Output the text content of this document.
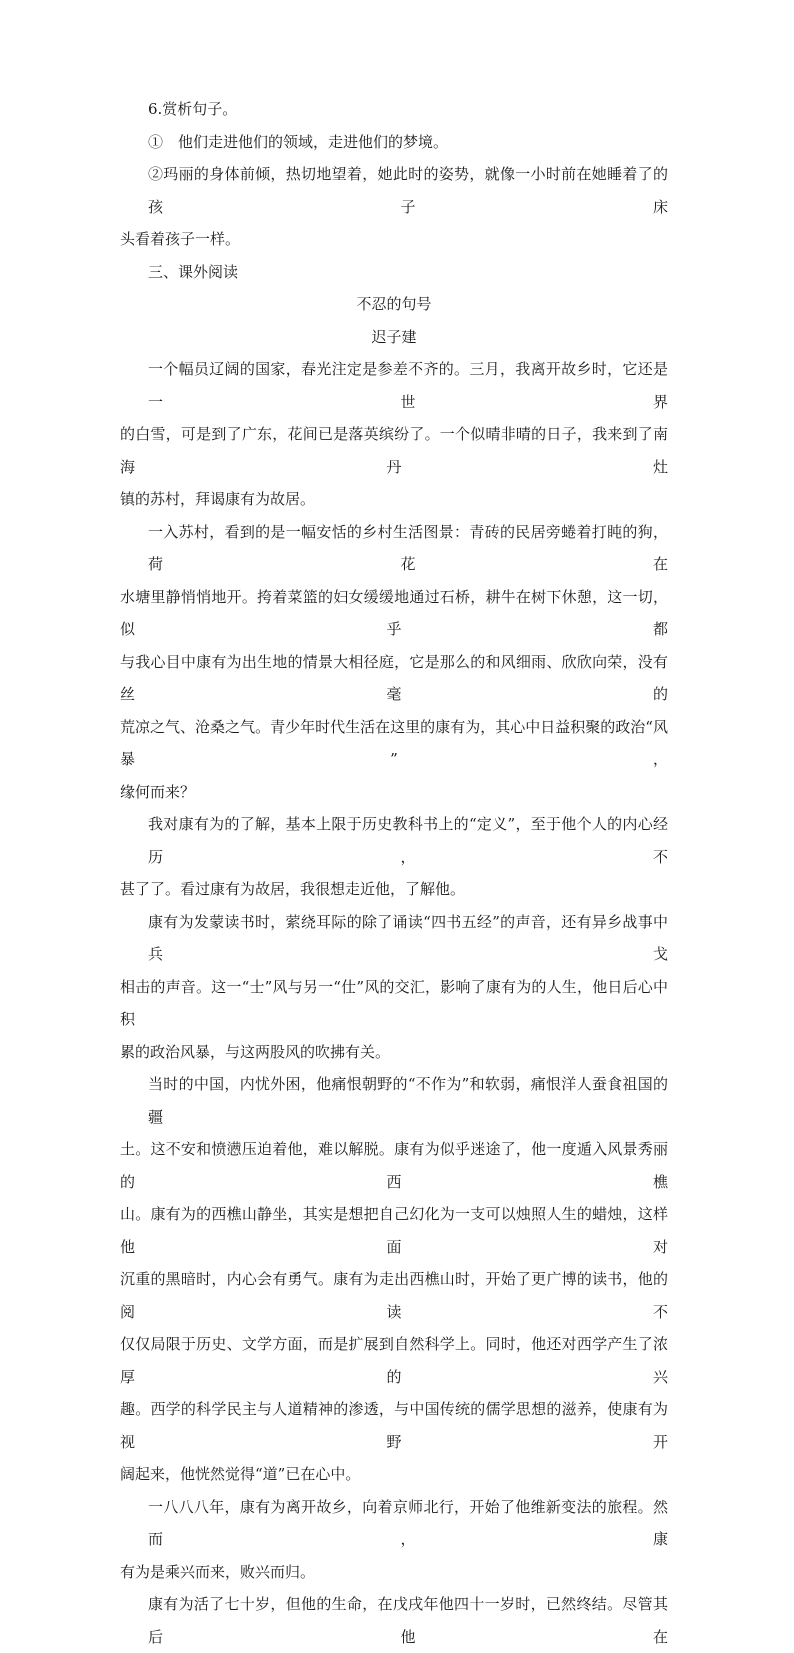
6.赏析句子。

①　他们走进他们的领域，走进他们的梦境。

②玛丽的身体前倾，热切地望着，她此时的姿势，就像一小时前在她睡着了的孩子床

头看着孩子一样。

三、课外阅读

不忍的句号

迟子建

一个幅员辽阔的国家，春光注定是参差不齐的。三月，我离开故乡时，它还是一世界

的白雪，可是到了广东，花间已是落英缤纷了。一个似晴非晴的日子，我来到了南海丹灶

镇的苏村，拜谒康有为故居。

一入苏村，看到的是一幅安恬的乡村生活图景：青砖的民居旁蜷着打盹的狗，荷花在

水塘里静悄悄地开。挎着菜篮的妇女缓缓地通过石桥，耕牛在树下休憩，这一切，似乎都

与我心目中康有为出生地的情景大相径庭，它是那么的和风细雨、欣欣向荣，没有丝毫的

荒凉之气、沧桑之气。青少年时代生活在这里的康有为，其心中日益积聚的政治“风暴”，

缘何而来？

我对康有为的了解，基本上限于历史教科书上的“定义”，至于他个人的内心经历，不

甚了了。看过康有为故居，我很想走近他，了解他。

康有为发蒙读书时，萦绕耳际的除了诵读“四书五经”的声音，还有异乡战事中兵戈

相击的声音。这一“士”风与另一“仕”风的交汇，影响了康有为的人生，他日后心中积

累的政治风暴，与这两股风的吹拂有关。

当时的中国，内忧外困，他痛恨朝野的“不作为”和软弱，痛恨洋人蚕食祖国的疆

土。这不安和愤懑压迫着他，难以解脱。康有为似乎迷途了，他一度遁入风景秀丽的西樵

山。康有为的西樵山静坐，其实是想把自己幻化为一支可以烛照人生的蜡烛，这样他面对

沉重的黑暗时，内心会有勇气。康有为走出西樵山时，开始了更广博的读书，他的阅读不

仅仅局限于历史、文学方面，而是扩展到自然科学上。同时，他还对西学产生了浓厚的兴

趣。西学的科学民主与人道精神的渗透，与中国传统的儒学思想的滋养，使康有为视野开

阔起来，他恍然觉得“道”已在心中。

一八八八年，康有为离开故乡，向着京师北行，开始了他维新变法的旅程。然而，康

有为是乘兴而来，败兴而归。

康有为活了七十岁，但他的生命，在戊戌年他四十一岁时，已然终结。尽管其后他在
